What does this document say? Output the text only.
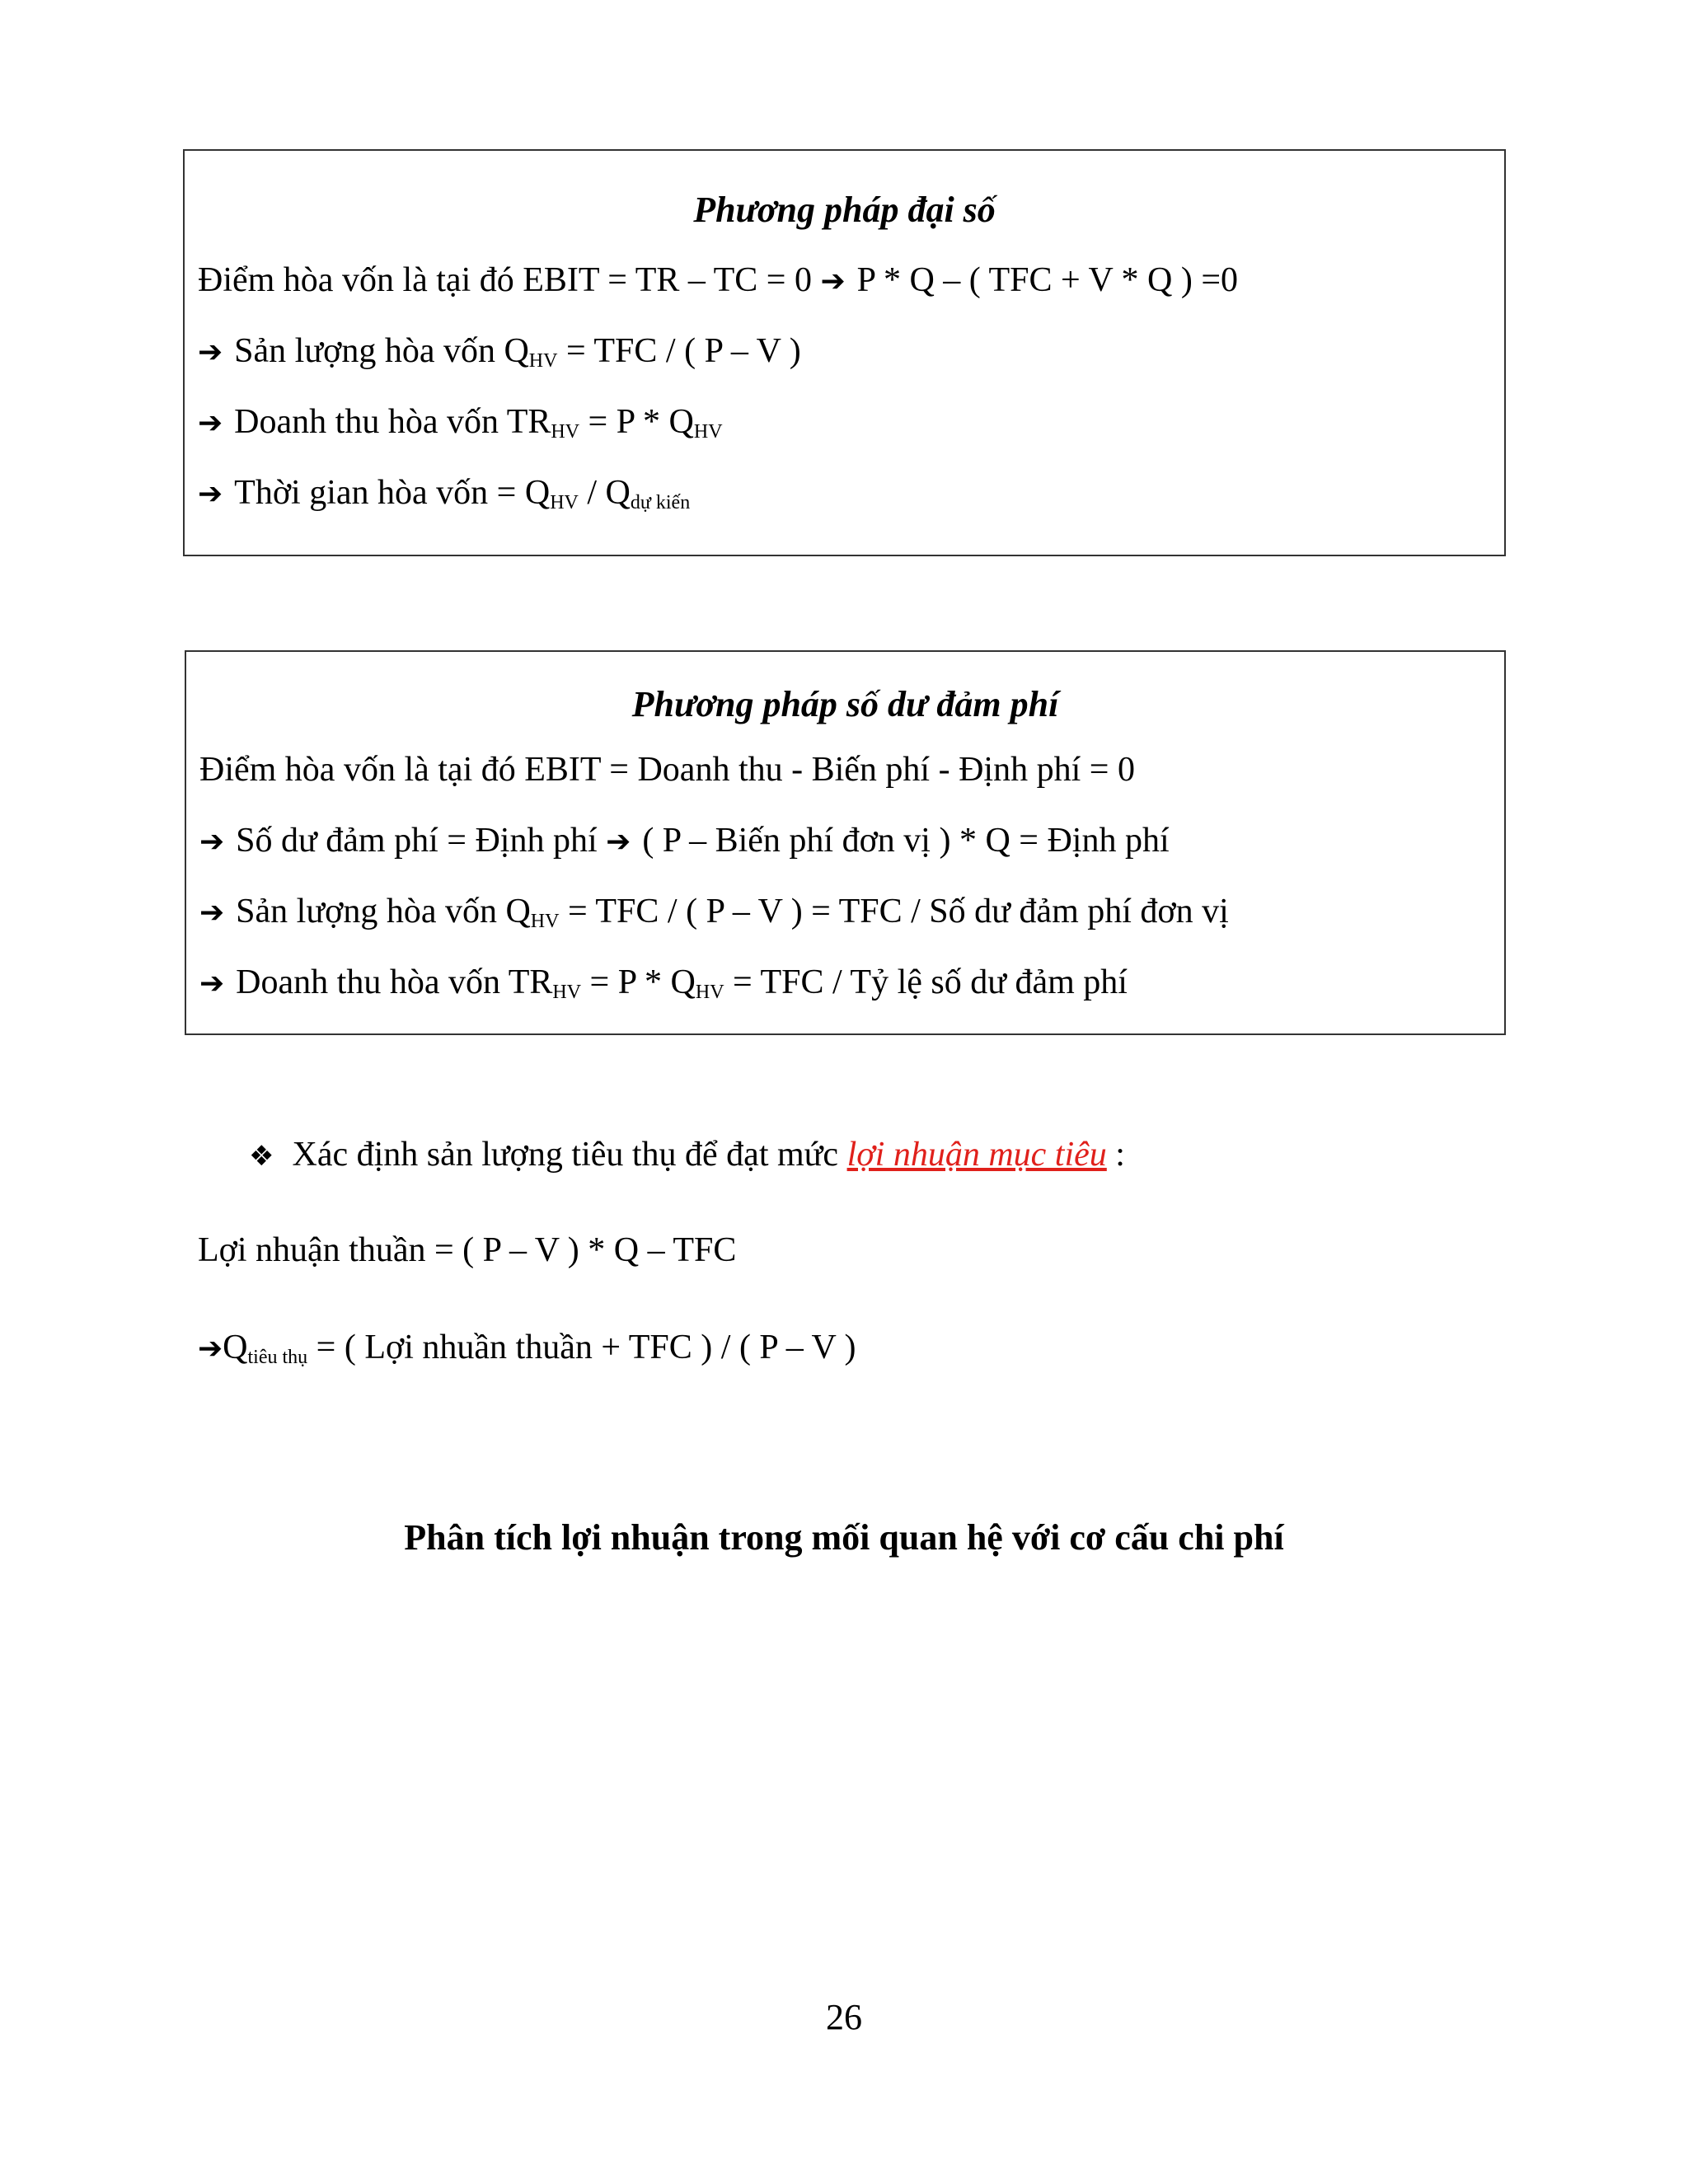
Phương pháp đại số
Điểm hòa vốn là tại đó EBIT = TR – TC = 0 ➔ P * Q – ( TFC + V * Q ) =0
➔ Sản lượng hòa vốn $Q_{HV}$ = TFC / ( P – V )
➔ Doanh thu hòa vốn $TR_{HV} = P * Q_{HV}$
➔ Thời gian hòa vốn = $Q_{HV} / Q_{dự kiến}$
Phương pháp số dư đảm phí
Điểm hòa vốn là tại đó EBIT = Doanh thu - Biến phí - Định phí = 0
➔ Số dư đảm phí = Định phí ➔ ( P – Biến phí đơn vị ) * Q = Định phí
➔ Sản lượng hòa vốn $Q_{HV}$ = TFC / ( P – V ) = TFC / Số dư đảm phí đơn vị
➔ Doanh thu hòa vốn $TR_{HV} = P * Q_{HV}$ = TFC / Tỷ lệ số dư đảm phí
❖ Xác định sản lượng tiêu thụ để đạt mức lợi nhuận mục tiêu :
Lợi nhuận thuần = ( P – V ) * Q – TFC
$➔Q_{tiêu thụ}$ = ( Lợi nhuần thuần + TFC ) / ( P – V )
Phân tích lợi nhuận trong mối quan hệ với cơ cấu chi phí
26
